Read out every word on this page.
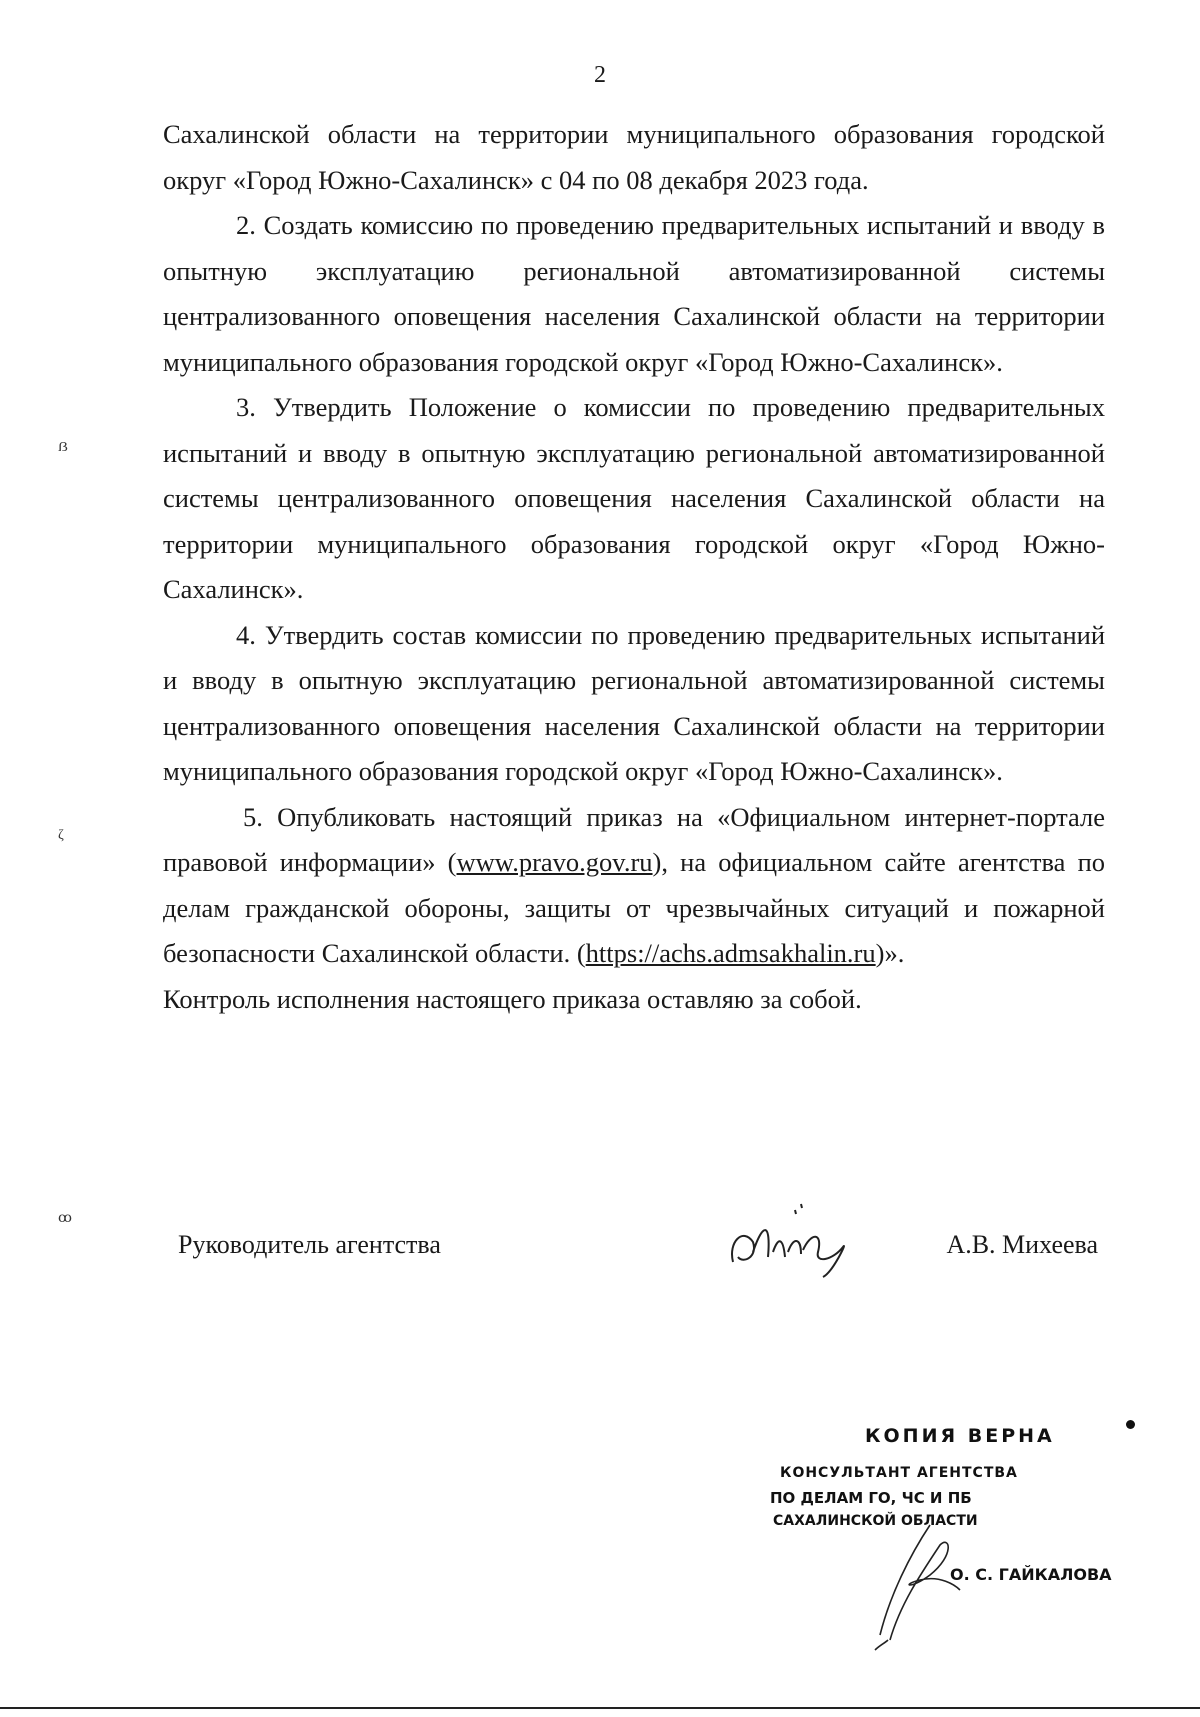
2

Сахалинской области на территории муниципального образования городской округ «Город Южно-Сахалинск» с 04 по 08 декабря 2023 года.

2. Создать комиссию по проведению предварительных испытаний и вводу в опытную эксплуатацию региональной автоматизированной системы централизованного оповещения населения Сахалинской области на территории муниципального образования городской округ «Город Южно-Сахалинск».

3. Утвердить Положение о комиссии по проведению предварительных испытаний и вводу в опытную эксплуатацию региональной автоматизированной системы централизованного оповещения населения Сахалинской области на территории муниципального образования городской округ «Город Южно-Сахалинск».

4. Утвердить состав комиссии по проведению предварительных испытаний и вводу в опытную эксплуатацию региональной автоматизированной системы централизованного оповещения населения Сахалинской области на территории муниципального образования городской округ «Город Южно-Сахалинск».

5. Опубликовать настоящий приказ на «Официальном интернет-портале правовой информации» (www.pravo.gov.ru), на официальном сайте агентства по делам гражданской обороны, защиты от чрезвычайных ситуаций и пожарной безопасности Сахалинской области. (https://achs.admsakhalin.ru)».

Контроль исполнения настоящего приказа оставляю за собой.

Руководитель агентства	А.В. Михеева
КОПИЯ ВЕРНА
КОНСУЛЬТАНТ АГЕНТСТВА
ПО ДЕЛАМ ГО, ЧС И ПБ
САХАЛИНСКОЙ ОБЛАСТИ
О. С. ГАЙКАЛОВА
ẞ
ζ
ꝏ
